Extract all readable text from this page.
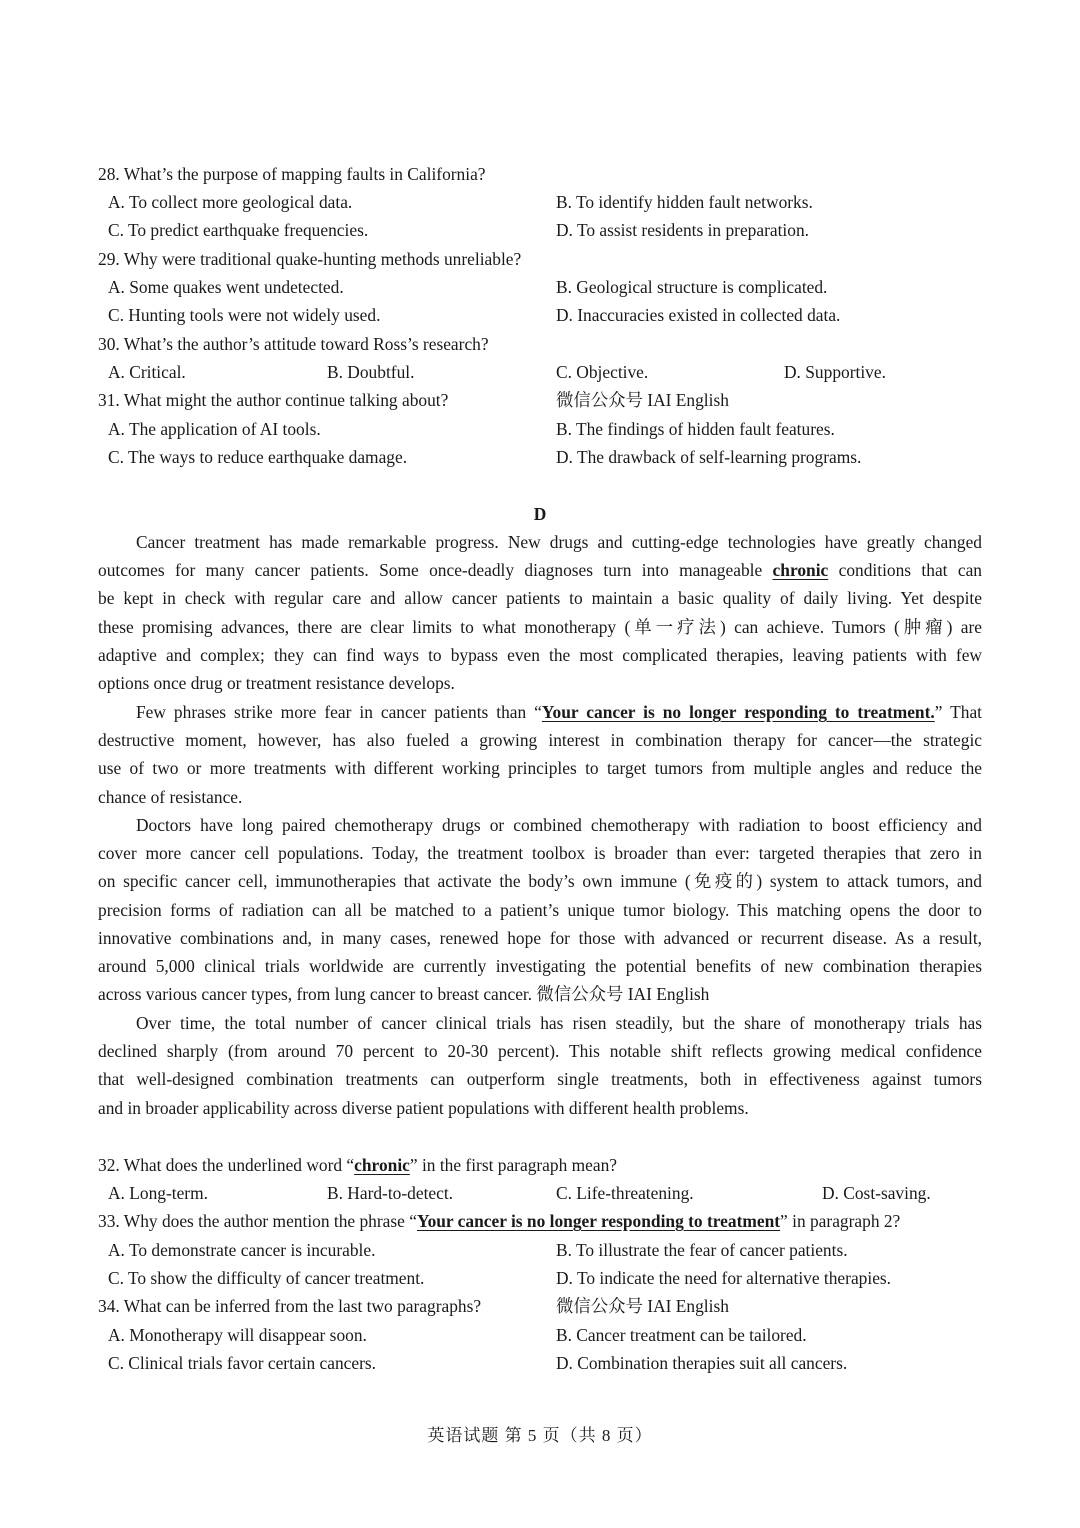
28. What’s the purpose of mapping faults in California?
A. To collect more geological data.	B. To identify hidden fault networks.
C. To predict earthquake frequencies.	D. To assist residents in preparation.
29. Why were traditional quake-hunting methods unreliable?
A. Some quakes went undetected.	B. Geological structure is complicated.
C. Hunting tools were not widely used.	D. Inaccuracies existed in collected data.
30. What’s the author’s attitude toward Ross’s research?
A. Critical.	B. Doubtful.	C. Objective.	D. Supportive.
31. What might the author continue talking about?	微信公众号 IAI English
A. The application of AI tools.	B. The findings of hidden fault features.
C. The ways to reduce earthquake damage.	D. The drawback of self-learning programs.
D
Cancer treatment has made remarkable progress. New drugs and cutting-edge technologies have greatly changed
outcomes for many cancer patients. Some once-deadly diagnoses turn into manageable chronic conditions that can
be kept in check with regular care and allow cancer patients to maintain a basic quality of daily living. Yet despite
these promising advances, there are clear limits to what monotherapy (单一疗法) can achieve. Tumors (肿瘤) are
adaptive and complex; they can find ways to bypass even the most complicated therapies, leaving patients with few
options once drug or treatment resistance develops.
Few phrases strike more fear in cancer patients than “Your cancer is no longer responding to treatment.” That
destructive moment, however, has also fueled a growing interest in combination therapy for cancer—the strategic
use of two or more treatments with different working principles to target tumors from multiple angles and reduce the
chance of resistance.
Doctors have long paired chemotherapy drugs or combined chemotherapy with radiation to boost efficiency and
cover more cancer cell populations. Today, the treatment toolbox is broader than ever: targeted therapies that zero in
on specific cancer cell, immunotherapies that activate the body’s own immune (免疫的) system to attack tumors, and
precision forms of radiation can all be matched to a patient’s unique tumor biology. This matching opens the door to
innovative combinations and, in many cases, renewed hope for those with advanced or recurrent disease. As a result,
around 5,000 clinical trials worldwide are currently investigating the potential benefits of new combination therapies
across various cancer types, from lung cancer to breast cancer. 微信公众号 IAI English
Over time, the total number of cancer clinical trials has risen steadily, but the share of monotherapy trials has
declined sharply (from around 70 percent to 20-30 percent). This notable shift reflects growing medical confidence
that well-designed combination treatments can outperform single treatments, both in effectiveness against tumors
and in broader applicability across diverse patient populations with different health problems.
32. What does the underlined word “chronic” in the first paragraph mean?
A. Long-term.	B. Hard-to-detect.	C. Life-threatening.	D. Cost-saving.
33. Why does the author mention the phrase “Your cancer is no longer responding to treatment” in paragraph 2?
A. To demonstrate cancer is incurable.	B. To illustrate the fear of cancer patients.
C. To show the difficulty of cancer treatment.	D. To indicate the need for alternative therapies.
34. What can be inferred from the last two paragraphs?	微信公众号 IAI English
A. Monotherapy will disappear soon.	B. Cancer treatment can be tailored.
C. Clinical trials favor certain cancers.	D. Combination therapies suit all cancers.
英语试题 第 5 页（共 8 页）
